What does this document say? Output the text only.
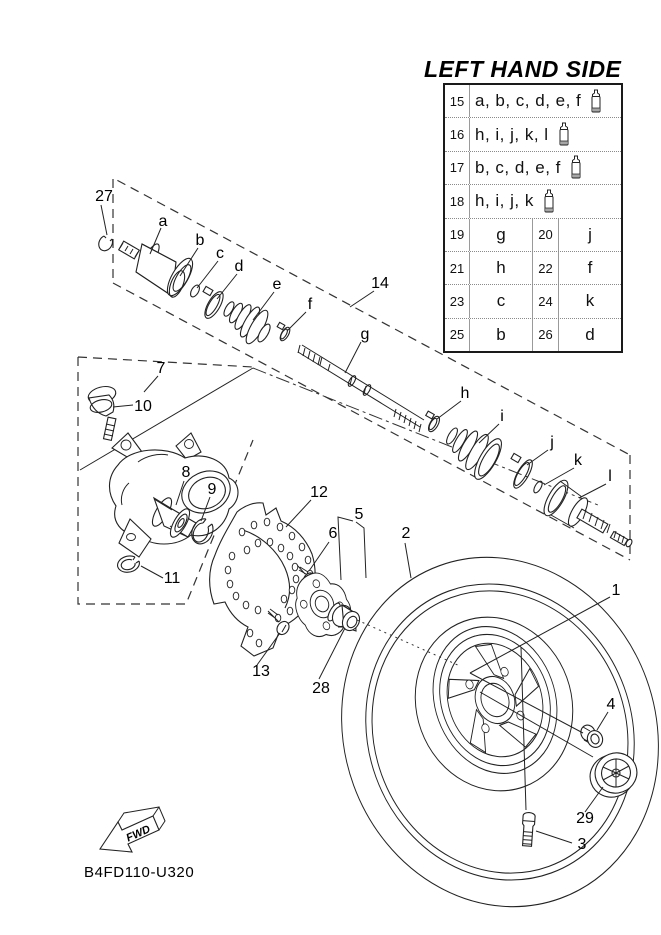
LEFT HAND SIDE
15 a, b, c, d, e, f
16 h, i, j, k, l
17 b, c, d, e, f
18 h, i, j, k
19	g	20	j
21	h	22	f
23	c	24	k
25	b	26	d
27
a
b
c
d
e
f
14
g
h
i
j
k
l
7
10
8
9	12
5
6	2
11
13
28
1
4
29
3
FWD
B4FD110-U320
